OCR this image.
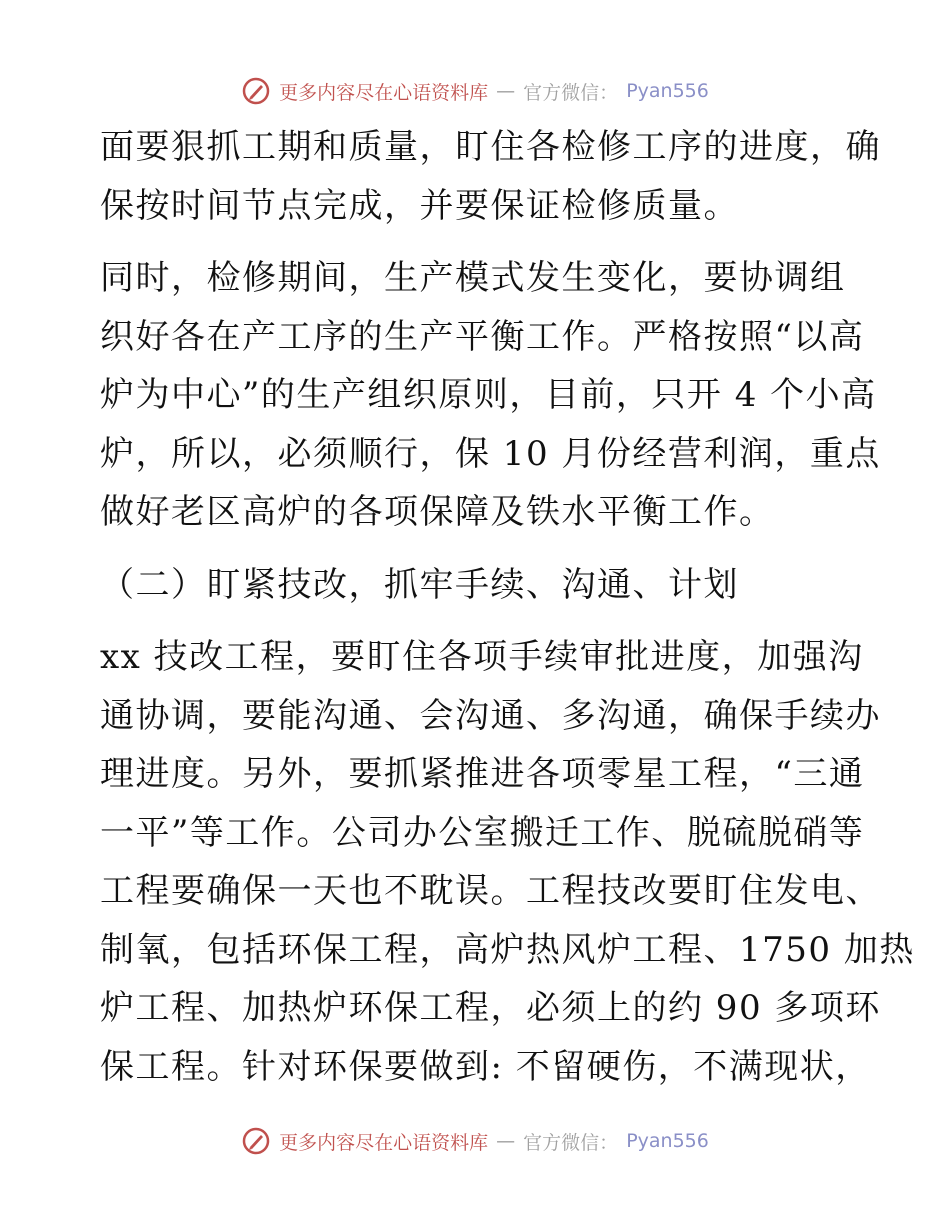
更多内容尽在心语资料库 — 官方微信： Pyan556
面要狠抓工期和质量，盯住各检修工序的进度，确
保按时间节点完成，并要保证检修质量。
同时，检修期间，生产模式发生变化，要协调组
织好各在产工序的生产平衡工作。严格按照“以高
炉为中心”的生产组织原则，目前，只开 4 个小高
炉，所以，必须顺行，保 10 月份经营利润，重点
做好老区高炉的各项保障及铁水平衡工作。
（二）盯紧技改，抓牢手续、沟通、计划
xx 技改工程，要盯住各项手续审批进度，加强沟
通协调，要能沟通、会沟通、多沟通，确保手续办
理进度。另外，要抓紧推进各项零星工程，“三通
一平”等工作。公司办公室搬迁工作、脱硫脱硝等
工程要确保一天也不耽误。工程技改要盯住发电、
制氧，包括环保工程，高炉热风炉工程、1750 加热
炉工程、加热炉环保工程，必须上的约 90 多项环
保工程。针对环保要做到: 不留硬伤，不满现状，
更多内容尽在心语资料库 — 官方微信： Pyan556
